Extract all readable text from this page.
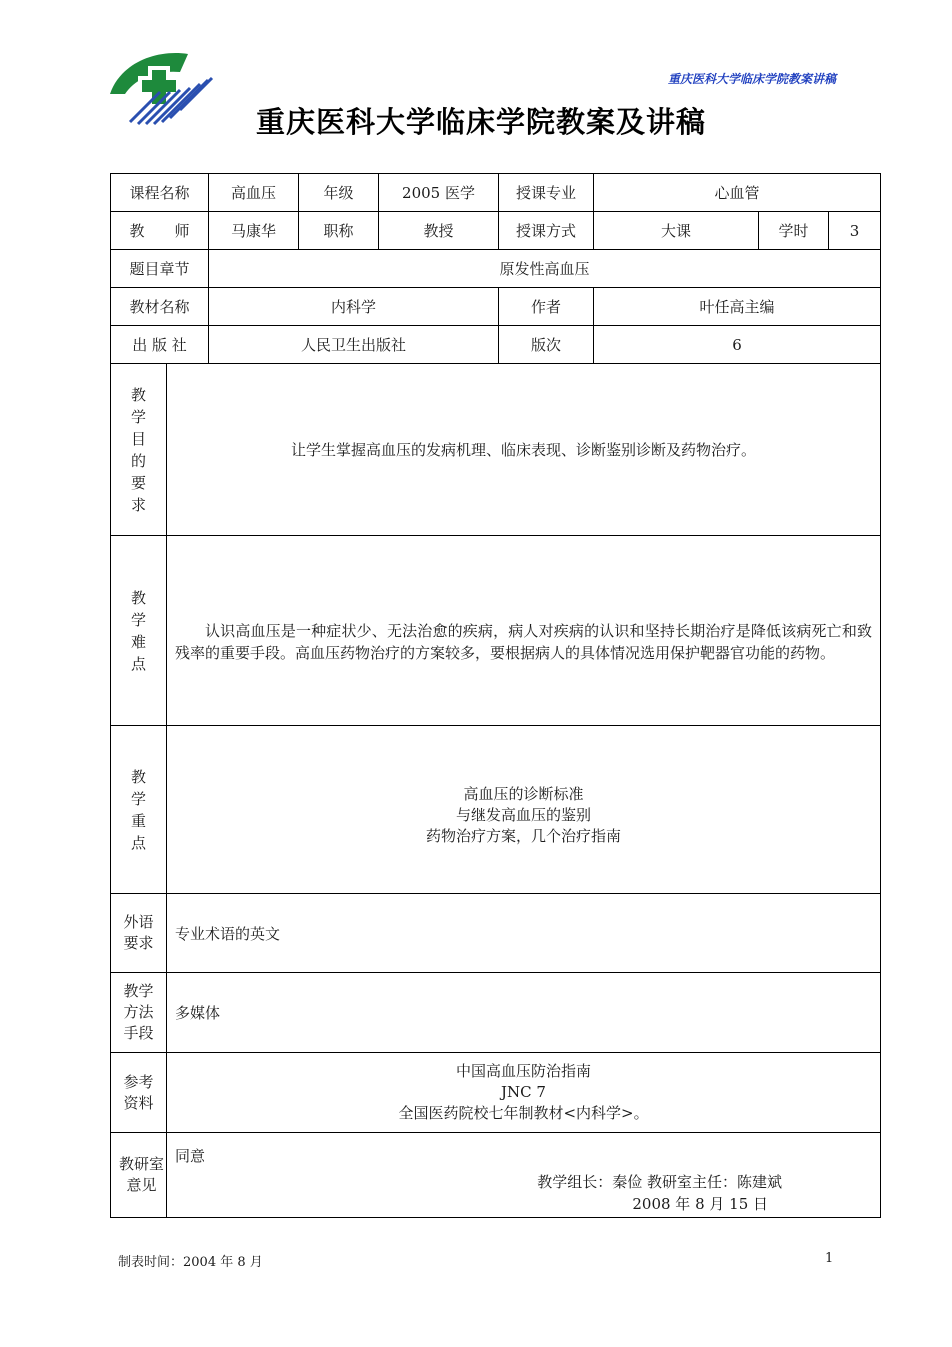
重庆医科大学临床学院教案讲稿
重庆医科大学临床学院教案及讲稿
课程名称		高血压	年级	2005 医学	授课专业	心血管		
教　　师		马康华	职称	教授	授课方式	大课	学时	3
题目章节		原发性高血压						
教材名称		内科学			作者	叶任高主编		
出 版 社		人民卫生出版社			版次	6		
教学目的要求	让学生掌握高血压的发病机理、临床表现、诊断鉴别诊断及药物治疗。							
教学难点	认识高血压是一种症状少、无法治愈的疾病，病人对疾病的认识和坚持长期治疗是降低该病死亡和致残率的重要手段。高血压药物治疗的方案较多，要根据病人的具体情况选用保护靶器官功能的药物。							

教学重点	高血压的诊断标准
与继发高血压的鉴别
药物治疗方案，几个治疗指南							

外语要求	专业术语的英文							
教学方法手段	多媒体							
参考资料	中国高血压防治指南
JNC 7
全国医药院校七年制教材<内科学>。							

教研室意见	同意
教学组长：秦俭 教研室主任：陈建斌
2008 年 8 月 15 日							
制表时间：2004 年 8 月	1
